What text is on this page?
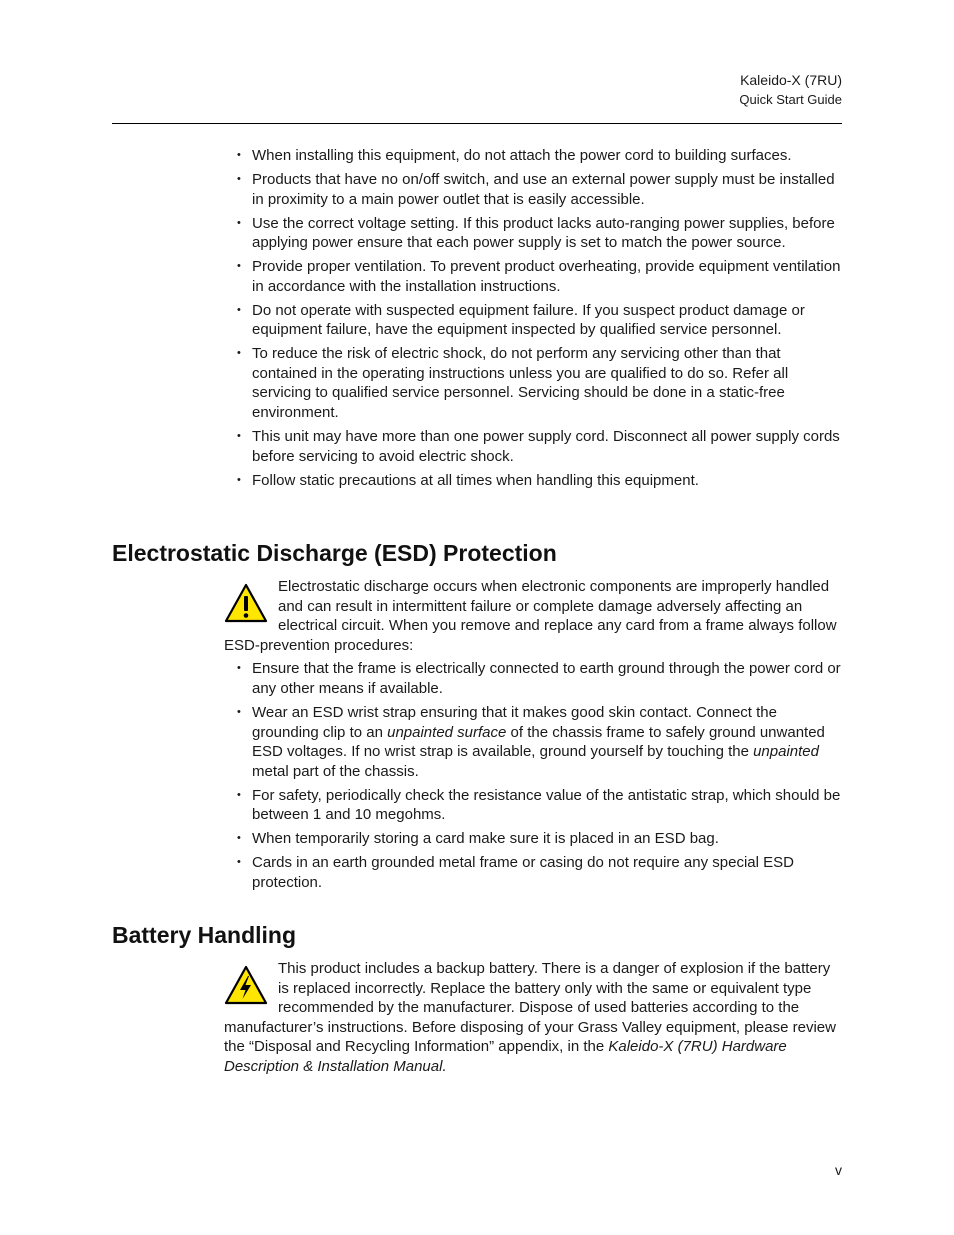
Kaleido-X (7RU)
Quick Start Guide
• When installing this equipment, do not attach the power cord to building surfaces.
• Products that have no on/off switch, and use an external power supply must be installed in proximity to a main power outlet that is easily accessible.
• Use the correct voltage setting. If this product lacks auto-ranging power supplies, before applying power ensure that each power supply is set to match the power source.
• Provide proper ventilation. To prevent product overheating, provide equipment ventilation in accordance with the installation instructions.
• Do not operate with suspected equipment failure. If you suspect product damage or equipment failure, have the equipment inspected by qualified service personnel.
• To reduce the risk of electric shock, do not perform any servicing other than that contained in the operating instructions unless you are qualified to do so. Refer all servicing to qualified service personnel. Servicing should be done in a static-free environment.
• This unit may have more than one power supply cord. Disconnect all power supply cords before servicing to avoid electric shock.
• Follow static precautions at all times when handling this equipment.
Electrostatic Discharge (ESD) Protection

Electrostatic discharge occurs when electronic components are improperly handled and can result in intermittent failure or complete damage adversely affecting an electrical circuit. When you remove and replace any card from a frame always follow ESD-prevention procedures:

• Ensure that the frame is electrically connected to earth ground through the power cord or any other means if available.
• Wear an ESD wrist strap ensuring that it makes good skin contact. Connect the grounding clip to an unpainted surface of the chassis frame to safely ground unwanted ESD voltages. If no wrist strap is available, ground yourself by touching the unpainted metal part of the chassis.
• For safety, periodically check the resistance value of the antistatic strap, which should be between 1 and 10 megohms.
• When temporarily storing a card make sure it is placed in an ESD bag.
• Cards in an earth grounded metal frame or casing do not require any special ESD protection.
Battery Handling

This product includes a backup battery. There is a danger of explosion if the battery is replaced incorrectly. Replace the battery only with the same or equivalent type recommended by the manufacturer. Dispose of used batteries according to the manufacturer’s instructions. Before disposing of your Grass Valley equipment, please review the “Disposal and Recycling Information” appendix, in the Kaleido-X (7RU) Hardware Description & Installation Manual.

v
